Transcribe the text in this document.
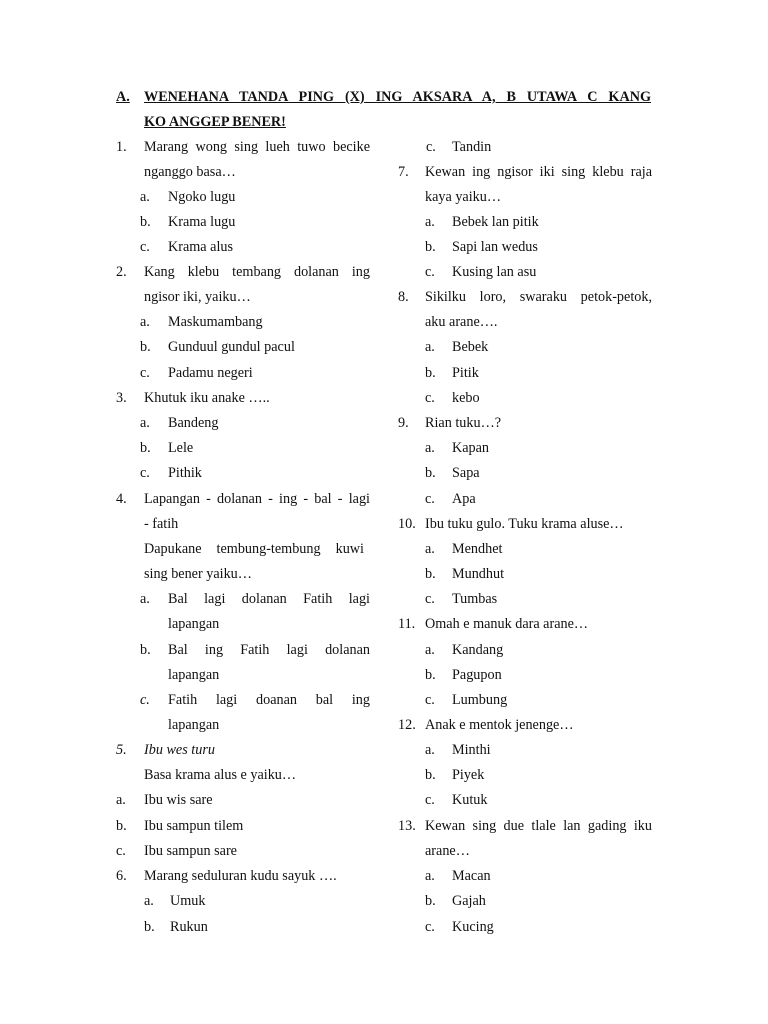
A. WENEHANA TANDA PING (X) ING AKSARA A, B UTAWA C KANG
KO ANGGEP BENER!
1. Marang wong sing lueh tuwo becike
nganggo basa…
a. Ngoko lugu
b. Krama lugu
c. Krama alus
2. Kang klebu tembang dolanan ing
ngisor iki, yaiku…
a. Maskumambang
b. Gunduul gundul pacul
c. Padamu negeri
3. Khutuk iku anake …..
a. Bandeng
b. Lele
c. Pithik
4. Lapangan - dolanan - ing - bal - lagi
- fatih
Dapukane tembung-tembung kuwi
sing bener yaiku…
a. Bal lagi dolanan Fatih lagi
lapangan
b. Bal ing Fatih lagi dolanan
lapangan
c. Fatih lagi doanan bal ing
lapangan
5. Ibu wes turu
Basa krama alus e yaiku…
a. Ibu wis sare
b. Ibu sampun tilem
c. Ibu sampun sare
6. Marang seduluran kudu sayuk ….
a. Umuk
b. Rukun
c. Tandin
7. Kewan ing ngisor iki sing klebu raja
kaya yaiku…
a. Bebek lan pitik
b. Sapi lan wedus
c. Kusing lan asu
8. Sikilku loro, swaraku petok-petok,
aku arane….
a. Bebek
b. Pitik
c. kebo
9. Rian tuku…?
a. Kapan
b. Sapa
c. Apa
10. Ibu tuku gulo. Tuku krama aluse…
a. Mendhet
b. Mundhut
c. Tumbas
11. Omah e manuk dara arane…
a. Kandang
b. Pagupon
c. Lumbung
12. Anak e mentok jenenge…
a. Minthi
b. Piyek
c. Kutuk
13. Kewan sing due tlale lan gading iku
arane…
a. Macan
b. Gajah
c. Kucing
